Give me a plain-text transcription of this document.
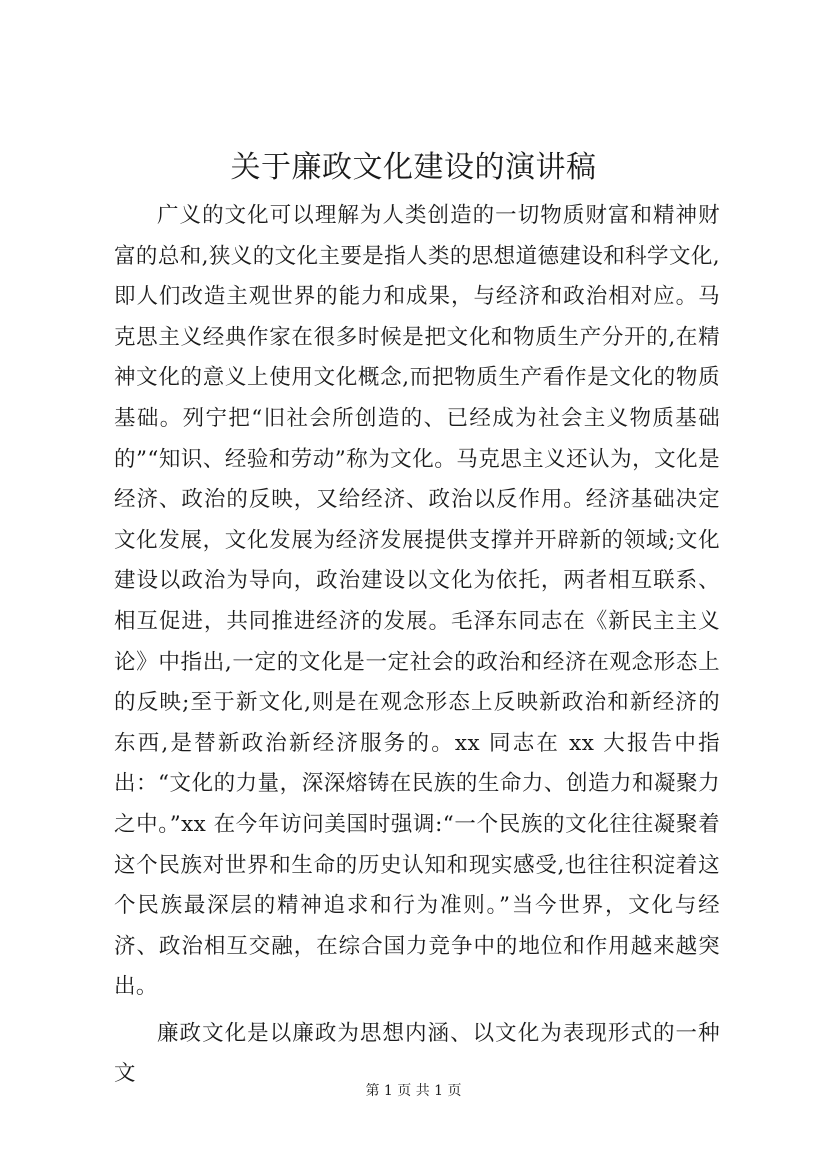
关于廉政文化建设的演讲稿

广义的文化可以理解为人类创造的一切物质财富和精神财富的总和,狭义的文化主要是指人类的思想道德建设和科学文化,即人们改造主观世界的能力和成果，与经济和政治相对应。马克思主义经典作家在很多时候是把文化和物质生产分开的,在精神文化的意义上使用文化概念,而把物质生产看作是文化的物质基础。列宁把“旧社会所创造的、已经成为社会主义物质基础的”“知识、经验和劳动”称为文化。马克思主义还认为，文化是经济、政治的反映，又给经济、政治以反作用。经济基础决定文化发展，文化发展为经济发展提供支撑并开辟新的领域;文化建设以政治为导向，政治建设以文化为依托，两者相互联系、相互促进，共同推进经济的发展。毛泽东同志在《新民主主义论》中指出,一定的文化是一定社会的政治和经济在观念形态上的反映;至于新文化,则是在观念形态上反映新政治和新经济的东西,是替新政治新经济服务的。xx 同志在 xx 大报告中指出：“文化的力量，深深熔铸在民族的生命力、创造力和凝聚力之中。”xx 在今年访问美国时强调:“一个民族的文化往往凝聚着这个民族对世界和生命的历史认知和现实感受,也往往积淀着这个民族最深层的精神追求和行为准则。”当今世界，文化与经济、政治相互交融，在综合国力竞争中的地位和作用越来越突出。

廉政文化是以廉政为思想内涵、以文化为表现形式的一种文

第 1 页 共 1 页
